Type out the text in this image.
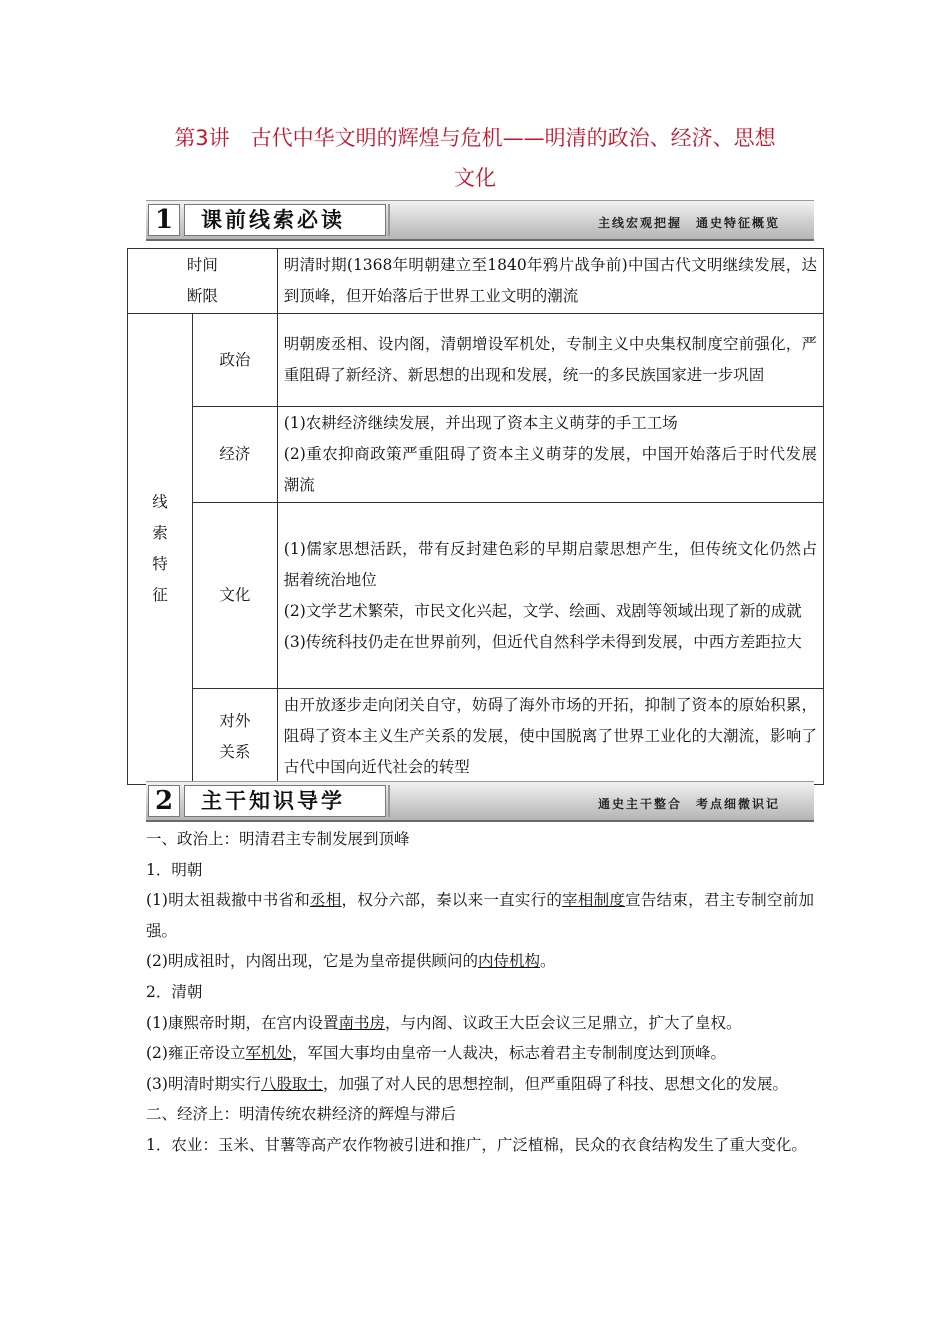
第3讲　古代中华文明的辉煌与危机——明清的政治、经济、思想
文化
1	课前线索必读	主线宏观把握　通史特征概览
时间
断限		明清时期(1368年明朝建立至1840年鸦片战争前)中国古代文明继续发展，达到顶峰，但开始落后于世界工业文明的潮流

线
索
特
征	政治	明朝废丞相、设内阁，清朝增设军机处，专制主义中央集权制度空前强化，严重阻碍了新经济、新思想的出现和发展，统一的多民族国家进一步巩固

	经济	(1)农耕经济继续发展，并出现了资本主义萌芽的手工工场
(2)重农抑商政策严重阻碍了资本主义萌芽的发展，中国开始落后于时代发展潮流

	文化	(1)儒家思想活跃，带有反封建色彩的早期启蒙思想产生，但传统文化仍然占据着统治地位
(2)文学艺术繁荣，市民文化兴起，文学、绘画、戏剧等领域出现了新的成就
(3)传统科技仍走在世界前列，但近代自然科学未得到发展，中西方差距拉大

	对外
关系	由开放逐步走向闭关自守，妨碍了海外市场的开拓，抑制了资本的原始积累，阻碍了资本主义生产关系的发展，使中国脱离了世界工业化的大潮流，影响了古代中国向近代社会的转型
2	主干知识导学	通史主干整合　考点细微识记

一、政治上：明清君主专制发展到顶峰

1．明朝

(1)明太祖裁撤中书省和丞相，权分六部，秦以来一直实行的宰相制度宣告结束，君主专制空前加强。

(2)明成祖时，内阁出现，它是为皇帝提供顾问的内侍机构。

2．清朝

(1)康熙帝时期，在宫内设置南书房，与内阁、议政王大臣会议三足鼎立，扩大了皇权。

(2)雍正帝设立军机处，军国大事均由皇帝一人裁决，标志着君主专制制度达到顶峰。

(3)明清时期实行八股取士，加强了对人民的思想控制，但严重阻碍了科技、思想文化的发展。

二、经济上：明清传统农耕经济的辉煌与滞后

1．农业：玉米、甘薯等高产农作物被引进和推广，广泛植棉，民众的衣食结构发生了重大变化。
